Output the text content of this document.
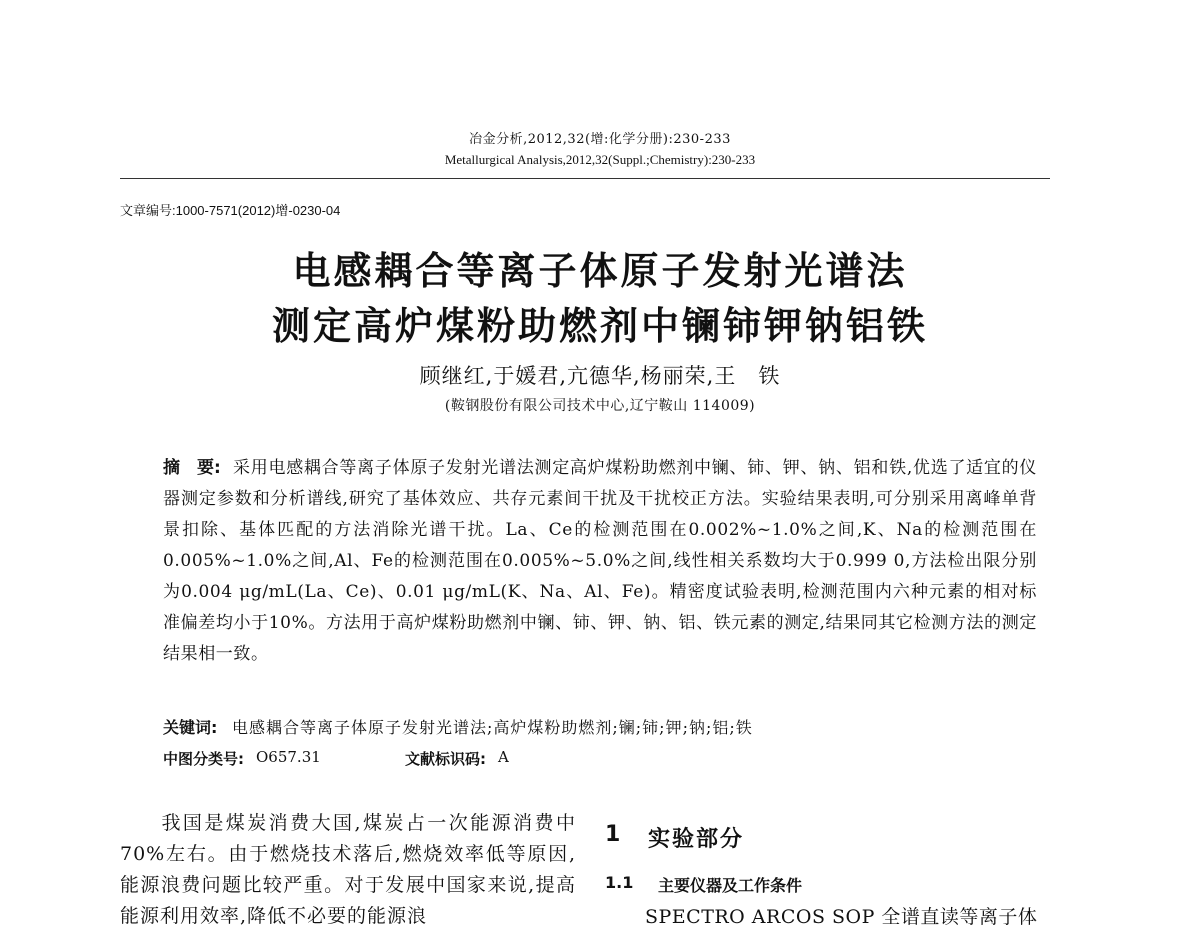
冶金分析,2012,32(增:化学分册):230-233
Metallurgical Analysis,2012,32(Suppl.;Chemistry):230-233
文章编号:1000-7571(2012)增-0230-04
电感耦合等离子体原子发射光谱法
测定高炉煤粉助燃剂中镧铈钾钠铝铁
顾继红,于媛君,亢德华,杨丽荣,王　铁
(鞍钢股份有限公司技术中心,辽宁鞍山 114009)
采用电感耦合等离子体原子发射光谱法测定高炉煤粉助燃剂中镧、铈、钾、钠、铝和铁,优选了适宜的仪器测定参数和分析谱线,研究了基体效应、共存元素间干扰及干扰校正方法。实验结果表明,可分别采用离峰单背景扣除、基体匹配的方法消除光谱干扰。La、Ce的检测范围在0.002%~1.0%之间,K、Na的检测范围在0.005%~1.0%之间,Al、Fe的检测范围在0.005%~5.0%之间,线性相关系数均大于0.999 0,方法检出限分别为0.004 μg/mL(La、Ce)、0.01 μg/mL(K、Na、Al、Fe)。精密度试验表明,检测范围内六种元素的相对标准偏差均小于10%。方法用于高炉煤粉助燃剂中镧、铈、钾、钠、铝、铁元素的测定,结果同其它检测方法的测定结果相一致。
摘　要:
关键词: 电感耦合等离子体原子发射光谱法;高炉煤粉助燃剂;镧;铈;钾;钠;铝;铁
中图分类号: O657.31	文献标识码: A
我国是煤炭消费大国,煤炭占一次能源消费中70%左右。由于燃烧技术落后,燃烧效率低等原因,能源浪费问题比较严重。对于发展中国家来说,提高能源利用效率,降低不必要的能源浪
1 实验部分
1.1 主要仪器及工作条件
SPECTRO ARCOS SOP 全谱直读等离子体
